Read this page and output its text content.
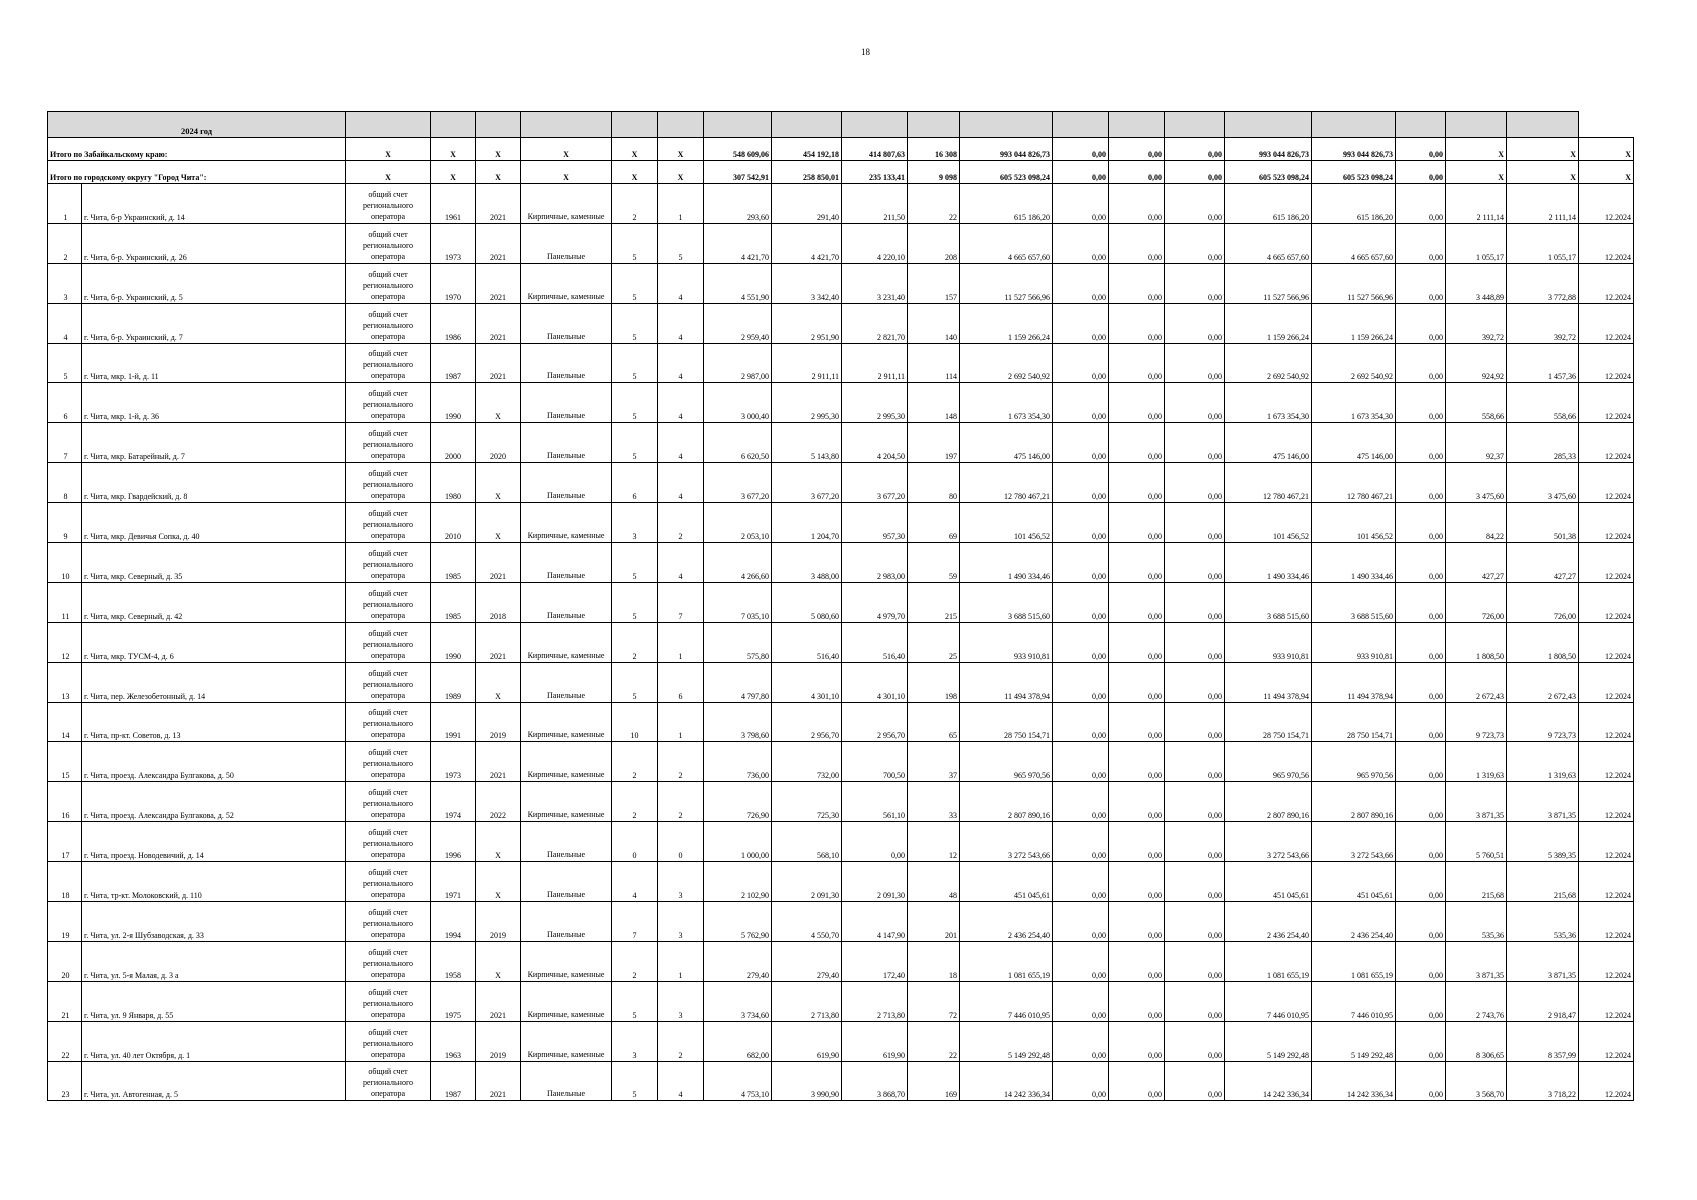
18
2024 год																					
Итого по Забайкальскому краю:		X	X	X	X	X	X	548 609,06	454 192,18	414 807,63	16 308	993 044 826,73	0,00	0,00	0,00	993 044 826,73	993 044 826,73	0,00	X	X	X
Итого по городскому округу "Город Чита":		X	X	X	X	X	X	307 542,91	258 850,01	235 133,41	9 098	605 523 098,24	0,00	0,00	0,00	605 523 098,24	605 523 098,24	0,00	X	X	X
1	г. Чита, б-р Украинский, д. 14	общий счет регионального оператора	1961	2021	Кирпичные, каменные	2	1	293,60	291,40	211,50	22	615 186,20	0,00	0,00	0,00	615 186,20	615 186,20	0,00	2 111,14	2 111,14	12.2024
2	г. Чита, б-р. Украинский, д. 26	общий счет регионального оператора	1973	2021	Панельные	5	5	4 421,70	4 421,70	4 220,10	208	4 665 657,60	0,00	0,00	0,00	4 665 657,60	4 665 657,60	0,00	1 055,17	1 055,17	12.2024
3	г. Чита, б-р. Украинский, д. 5	общий счет регионального оператора	1970	2021	Кирпичные, каменные	5	4	4 551,90	3 342,40	3 231,40	157	11 527 566,96	0,00	0,00	0,00	11 527 566,96	11 527 566,96	0,00	3 448,89	3 772,88	12.2024
4	г. Чита, б-р. Украинский, д. 7	общий счет регионального оператора	1986	2021	Панельные	5	4	2 959,40	2 951,90	2 821,70	140	1 159 266,24	0,00	0,00	0,00	1 159 266,24	1 159 266,24	0,00	392,72	392,72	12.2024
5	г. Чита, мкр. 1-й, д. 11	общий счет регионального оператора	1987	2021	Панельные	5	4	2 987,00	2 911,11	2 911,11	114	2 692 540,92	0,00	0,00	0,00	2 692 540,92	2 692 540,92	0,00	924,92	1 457,36	12.2024
6	г. Чита, мкр. 1-й, д. 36	общий счет регионального оператора	1990	X	Панельные	5	4	3 000,40	2 995,30	2 995,30	148	1 673 354,30	0,00	0,00	0,00	1 673 354,30	1 673 354,30	0,00	558,66	558,66	12.2024
7	г. Чита, мкр. Батарейный, д. 7	общий счет регионального оператора	2000	2020	Панельные	5	4	6 620,50	5 143,80	4 204,50	197	475 146,00	0,00	0,00	0,00	475 146,00	475 146,00	0,00	92,37	285,33	12.2024
8	г. Чита, мкр. Гвардейский, д. 8	общий счет регионального оператора	1980	X	Панельные	6	4	3 677,20	3 677,20	3 677,20	80	12 780 467,21	0,00	0,00	0,00	12 780 467,21	12 780 467,21	0,00	3 475,60	3 475,60	12.2024
9	г. Чита, мкр. Девичья Сопка, д. 40	общий счет регионального оператора	2010	X	Кирпичные, каменные	3	2	2 053,10	1 204,70	957,30	69	101 456,52	0,00	0,00	0,00	101 456,52	101 456,52	0,00	84,22	501,38	12.2024
10	г. Чита, мкр. Северный, д. 35	общий счет регионального оператора	1985	2021	Панельные	5	4	4 266,60	3 488,00	2 983,00	59	1 490 334,46	0,00	0,00	0,00	1 490 334,46	1 490 334,46	0,00	427,27	427,27	12.2024
11	г. Чита, мкр. Северный, д. 42	общий счет регионального оператора	1985	2018	Панельные	5	7	7 035,10	5 080,60	4 979,70	215	3 688 515,60	0,00	0,00	0,00	3 688 515,60	3 688 515,60	0,00	726,00	726,00	12.2024
12	г. Чита, мкр. ТУСМ-4, д. 6	общий счет регионального оператора	1990	2021	Кирпичные, каменные	2	1	575,80	516,40	516,40	25	933 910,81	0,00	0,00	0,00	933 910,81	933 910,81	0,00	1 808,50	1 808,50	12.2024
13	г. Чита, пер. Железобетонный, д. 14	общий счет регионального оператора	1989	X	Панельные	5	6	4 797,80	4 301,10	4 301,10	198	11 494 378,94	0,00	0,00	0,00	11 494 378,94	11 494 378,94	0,00	2 672,43	2 672,43	12.2024
14	г. Чита, пр-кт. Советов, д. 13	общий счет регионального оператора	1991	2019	Кирпичные, каменные	10	1	3 798,60	2 956,70	2 956,70	65	28 750 154,71	0,00	0,00	0,00	28 750 154,71	28 750 154,71	0,00	9 723,73	9 723,73	12.2024
15	г. Чита, проезд. Александра Булгакова, д. 50	общий счет регионального оператора	1973	2021	Кирпичные, каменные	2	2	736,00	732,00	700,50	37	965 970,56	0,00	0,00	0,00	965 970,56	965 970,56	0,00	1 319,63	1 319,63	12.2024
16	г. Чита, проезд. Александра Булгакова, д. 52	общий счет регионального оператора	1974	2022	Кирпичные, каменные	2	2	726,90	725,30	561,10	33	2 807 890,16	0,00	0,00	0,00	2 807 890,16	2 807 890,16	0,00	3 871,35	3 871,35	12.2024
17	г. Чита, проезд. Новодевичий, д. 14	общий счет регионального оператора	1996	X	Панельные	0	0	1 000,00	568,10	0,00	12	3 272 543,66	0,00	0,00	0,00	3 272 543,66	3 272 543,66	0,00	5 760,51	5 389,35	12.2024
18	г. Чита, тр-кт. Молоковский, д. 110	общий счет регионального оператора	1971	X	Панельные	4	3	2 102,90	2 091,30	2 091,30	48	451 045,61	0,00	0,00	0,00	451 045,61	451 045,61	0,00	215,68	215,68	12.2024
19	г. Чита, ул. 2-я Шубзаводская, д. 33	общий счет регионального оператора	1994	2019	Панельные	7	3	5 762,90	4 550,70	4 147,90	201	2 436 254,40	0,00	0,00	0,00	2 436 254,40	2 436 254,40	0,00	535,36	535,36	12.2024
20	г. Чита, ул. 5-я Малая, д. 3 а	общий счет регионального оператора	1958	X	Кирпичные, каменные	2	1	279,40	279,40	172,40	18	1 081 655,19	0,00	0,00	0,00	1 081 655,19	1 081 655,19	0,00	3 871,35	3 871,35	12.2024
21	г. Чита, ул. 9 Января, д. 55	общий счет регионального оператора	1975	2021	Кирпичные, каменные	5	3	3 734,60	2 713,80	2 713,80	72	7 446 010,95	0,00	0,00	0,00	7 446 010,95	7 446 010,95	0,00	2 743,76	2 918,47	12.2024
22	г. Чита, ул. 40 лет Октября, д. 1	общий счет регионального оператора	1963	2019	Кирпичные, каменные	3	2	682,00	619,90	619,90	22	5 149 292,48	0,00	0,00	0,00	5 149 292,48	5 149 292,48	0,00	8 306,65	8 357,99	12.2024
23	г. Чита, ул. Автогенная, д. 5	общий счет регионального оператора	1987	2021	Панельные	5	4	4 753,10	3 990,90	3 868,70	169	14 242 336,34	0,00	0,00	0,00	14 242 336,34	14 242 336,34	0,00	3 568,70	3 718,22	12.2024
